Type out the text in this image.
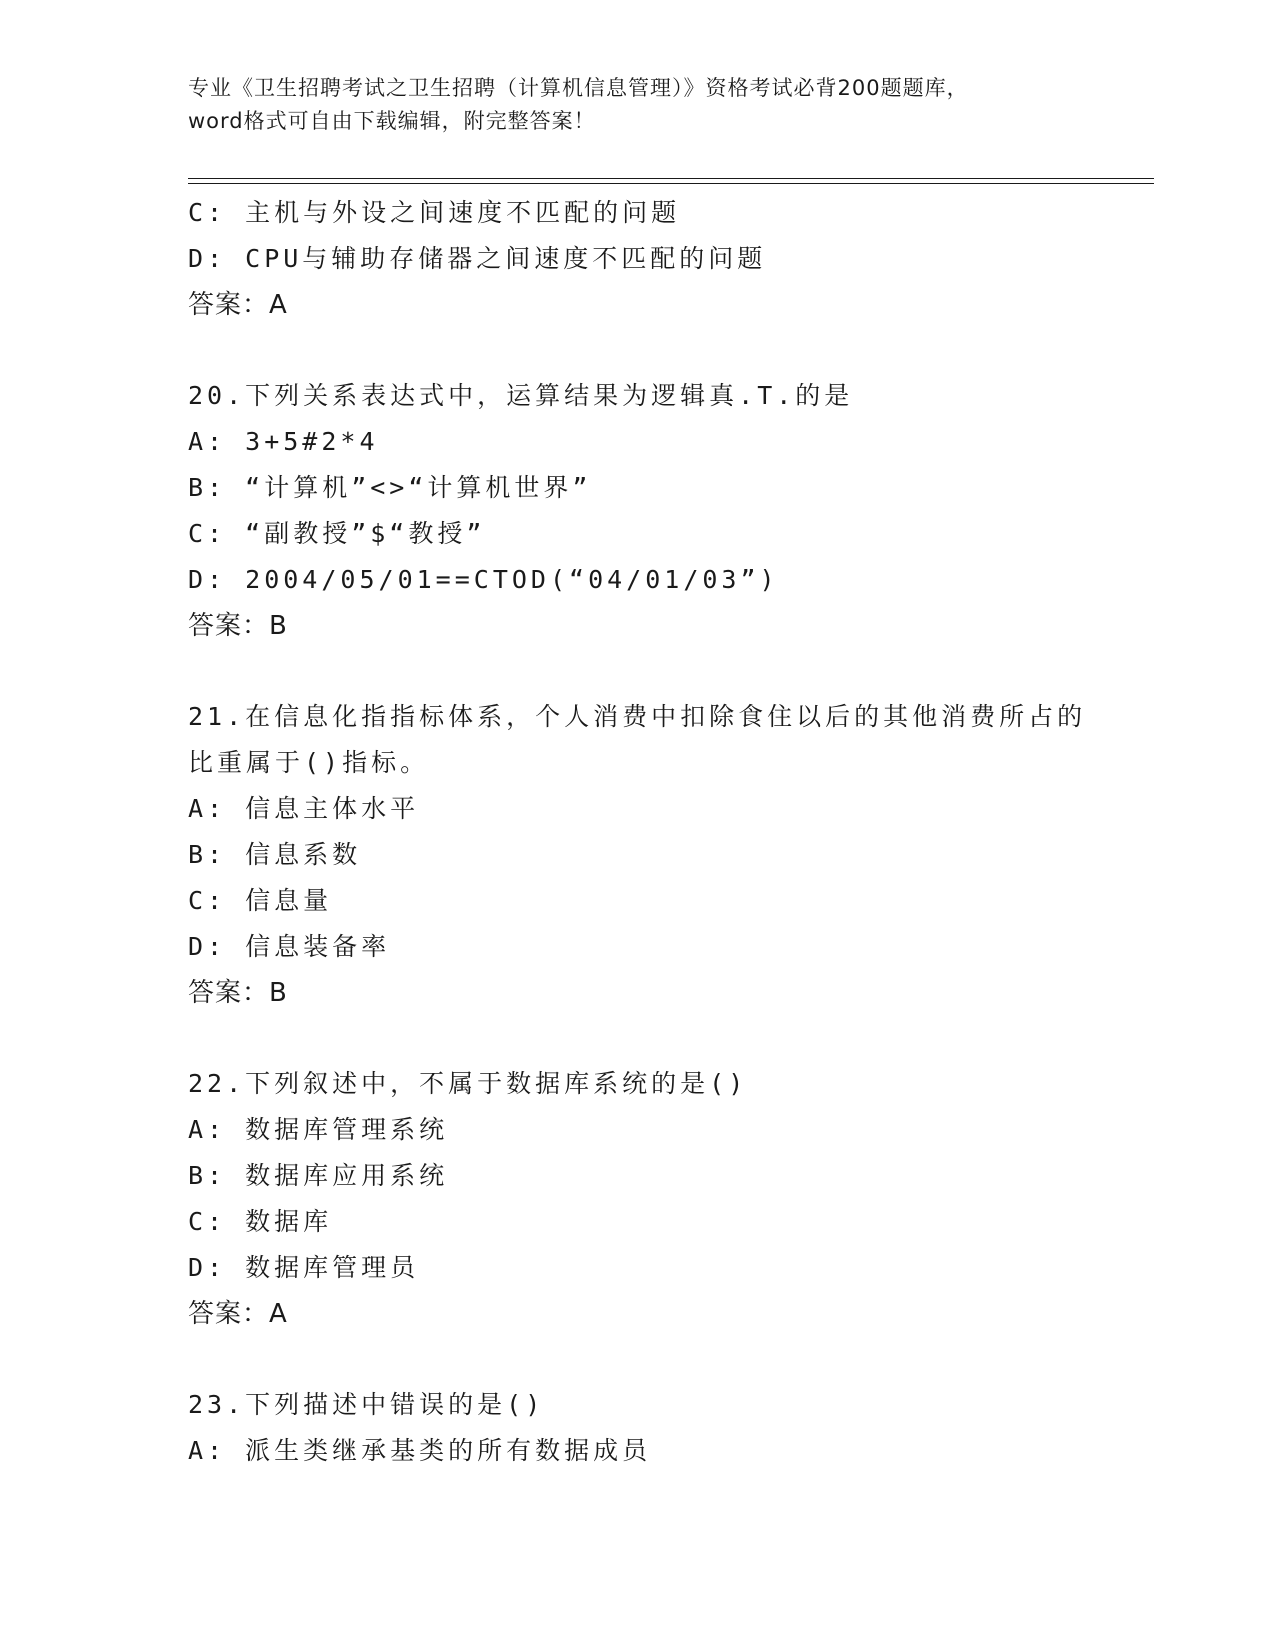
专业《卫生招聘考试之卫生招聘（计算机信息管理）》资格考试必背200题题库，
word格式可自由下载编辑，附完整答案！
C: 主机与外设之间速度不匹配的问题
D: CPU与辅助存储器之间速度不匹配的问题
答案：A
20.下列关系表达式中，运算结果为逻辑真.T.的是
A: 3+5#2*4
B: “计算机”<>“计算机世界”
C: “副教授”$“教授”
D: 2004/05/01==CTOD(“04/01/03”)
答案：B
21.在信息化指指标体系，个人消费中扣除食住以后的其他消费所占的
比重属于()指标。
A: 信息主体水平
B: 信息系数
C: 信息量
D: 信息装备率
答案：B
22.下列叙述中，不属于数据库系统的是()
A: 数据库管理系统
B: 数据库应用系统
C: 数据库
D: 数据库管理员
答案：A
23.下列描述中错误的是()
A: 派生类继承基类的所有数据成员
